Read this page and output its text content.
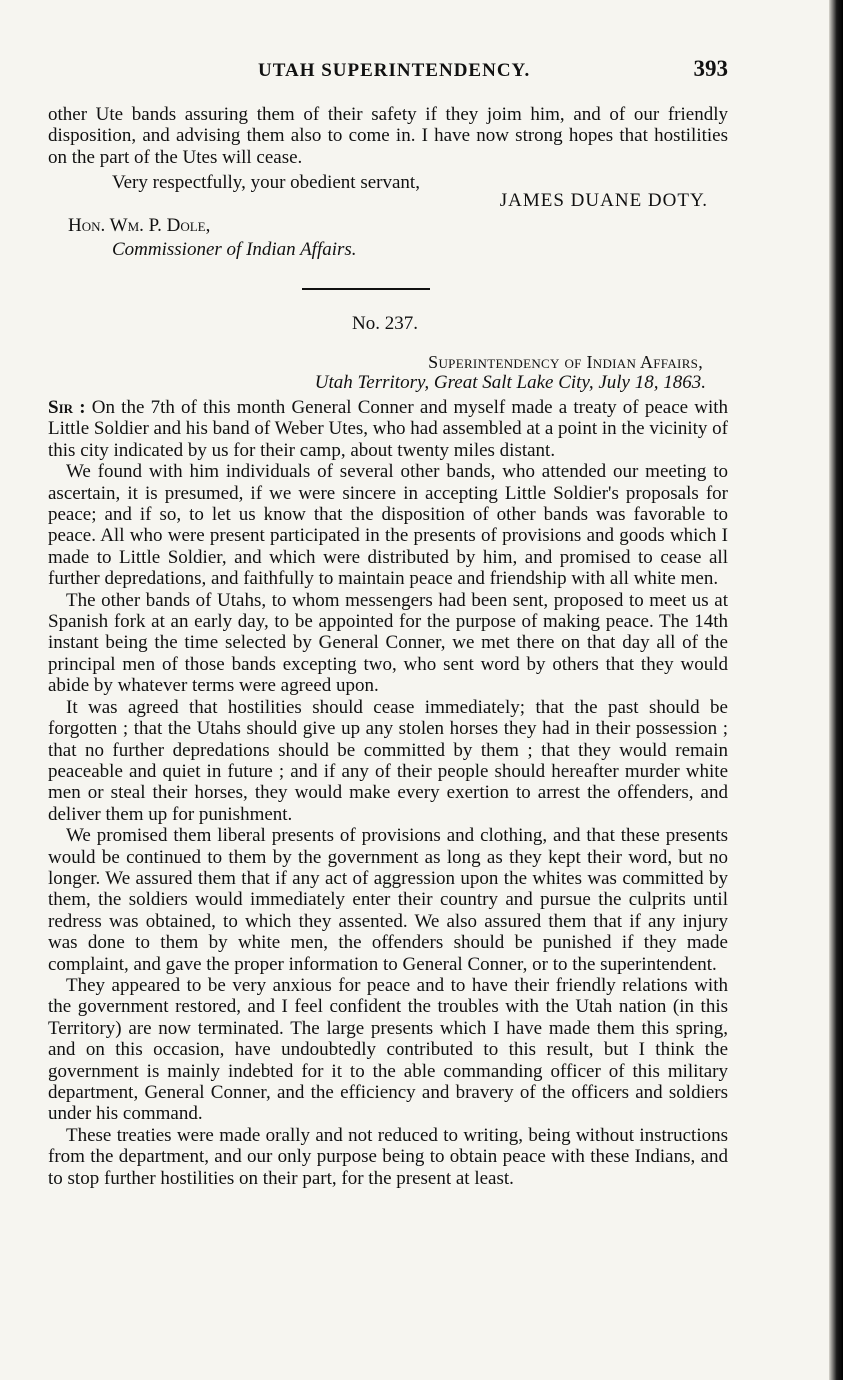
UTAH SUPERINTENDENCY.	393

other Ute bands assuring them of their safety if they joim him, and of our friendly disposition, and advising them also to come in. I have now strong hopes that hostilities on the part of the Utes will cease.

Very respectfully, your obedient servant,
JAMES DUANE DOTY.
Hon. Wm. P. Dole,
Commissioner of Indian Affairs.
No. 237.
Superintendency of Indian Affairs,
Utah Territory, Great Salt Lake City, July 18, 1863.

Sir : On the 7th of this month General Conner and myself made a treaty of peace with Little Soldier and his band of Weber Utes, who had assembled at a point in the vicinity of this city indicated by us for their camp, about twenty miles distant.

We found with him individuals of several other bands, who attended our meeting to ascertain, it is presumed, if we were sincere in accepting Little Soldier's proposals for peace; and if so, to let us know that the disposition of other bands was favorable to peace. All who were present participated in the presents of provisions and goods which I made to Little Soldier, and which were distributed by him, and promised to cease all further depredations, and faithfully to maintain peace and friendship with all white men.

The other bands of Utahs, to whom messengers had been sent, proposed to meet us at Spanish fork at an early day, to be appointed for the purpose of making peace. The 14th instant being the time selected by General Conner, we met there on that day all of the principal men of those bands excepting two, who sent word by others that they would abide by whatever terms were agreed upon.

It was agreed that hostilities should cease immediately; that the past should be forgotten ; that the Utahs should give up any stolen horses they had in their possession ; that no further depredations should be committed by them ; that they would remain peaceable and quiet in future ; and if any of their people should hereafter murder white men or steal their horses, they would make every exertion to arrest the offenders, and deliver them up for punishment.

We promised them liberal presents of provisions and clothing, and that these presents would be continued to them by the government as long as they kept their word, but no longer. We assured them that if any act of aggression upon the whites was committed by them, the soldiers would immediately enter their country and pursue the culprits until redress was obtained, to which they assented. We also assured them that if any injury was done to them by white men, the offenders should be punished if they made complaint, and gave the proper information to General Conner, or to the superintendent.

They appeared to be very anxious for peace and to have their friendly relations with the government restored, and I feel confident the troubles with the Utah nation (in this Territory) are now terminated. The large presents which I have made them this spring, and on this occasion, have undoubtedly contributed to this result, but I think the government is mainly indebted for it to the able commanding officer of this military department, General Conner, and the efficiency and bravery of the officers and soldiers under his command.

These treaties were made orally and not reduced to writing, being without instructions from the department, and our only purpose being to obtain peace with these Indians, and to stop further hostilities on their part, for the present at least.
